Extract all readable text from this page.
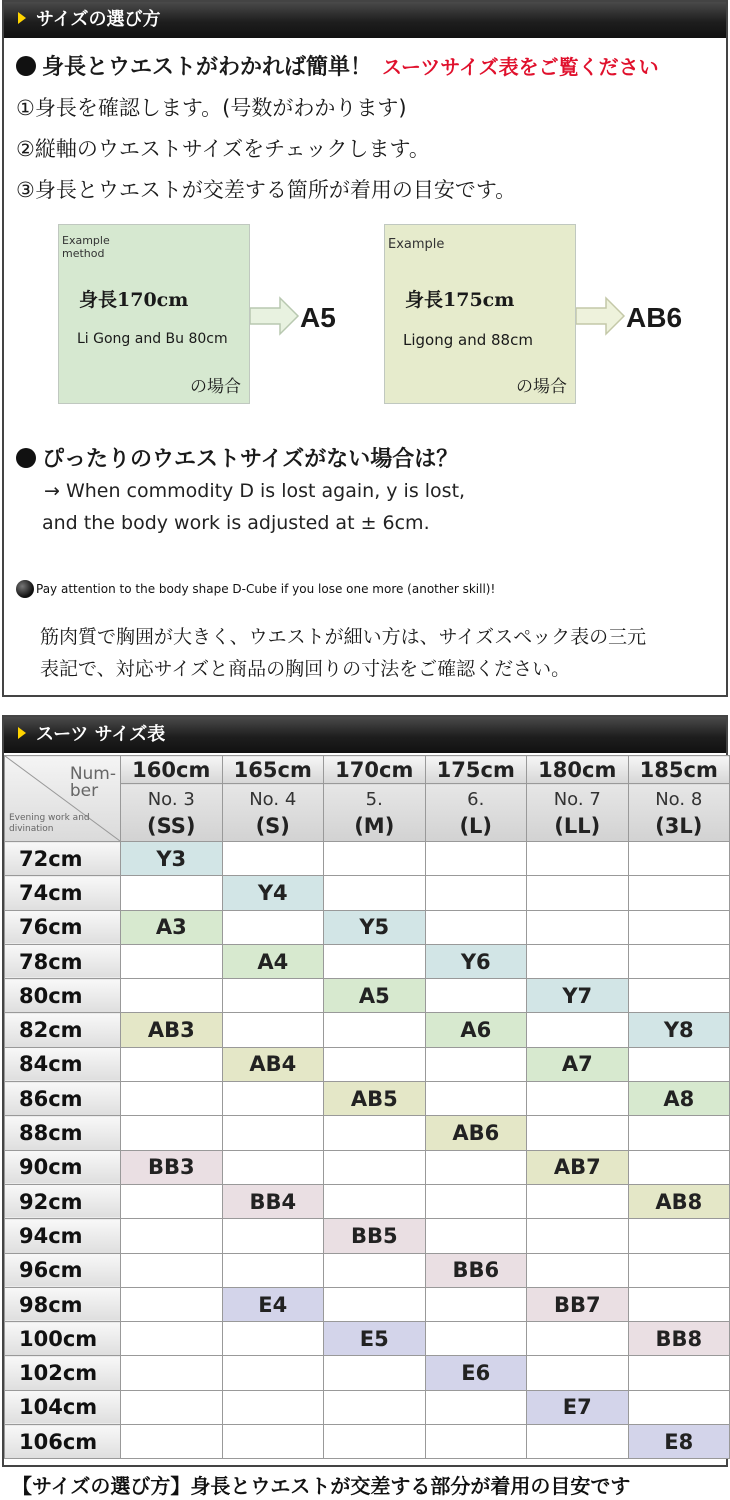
サイズの選び方
身長とウエストがわかれば簡単！ スーツサイズ表をご覧ください
①身長を確認します。(号数がわかります)
②縦軸のウエストサイズをチェックします。
③身長とウエストが交差する箇所が着用の目安です。
Example method
身長170cm
Li Gong and Bu 80cm
の場合
A5
Example
身長175cm
Ligong and 88cm
の場合
AB6
ぴったりのウエストサイズがない場合は？
→ When commodity D is lost again, y is lost,
and the body work is adjusted at ± 6cm.
Pay attention to the body shape D-Cube if you lose one more (another skill)!
筋肉質で胸囲が大きく、ウエストが細い方は、サイズスペック表の三元
表記で、対応サイズと商品の胸回りの寸法をご確認ください。
スーツ サイズ表
Num-
ber
Evening work and
divination	160cm	165cm	170cm	175cm	180cm	185cm

	No. 3
(SS)	No. 4
(S)	5.
(M)	6.
(L)	No. 7
(LL)	No. 8
(3L)

72cm	Y3					
74cm		Y4				
76cm	A3		Y5			
78cm		A4		Y6		
80cm			A5		Y7	
82cm	AB3			A6		Y8
84cm		AB4			A7	
86cm			AB5			A8
88cm				AB6		
90cm	BB3				AB7	
92cm		BB4				AB8
94cm			BB5			
96cm				BB6		
98cm		E4			BB7	
100cm			E5			BB8
102cm				E6		
104cm					E7	
106cm						E8
【サイズの選び方】身長とウエストが交差する部分が着用の目安です
